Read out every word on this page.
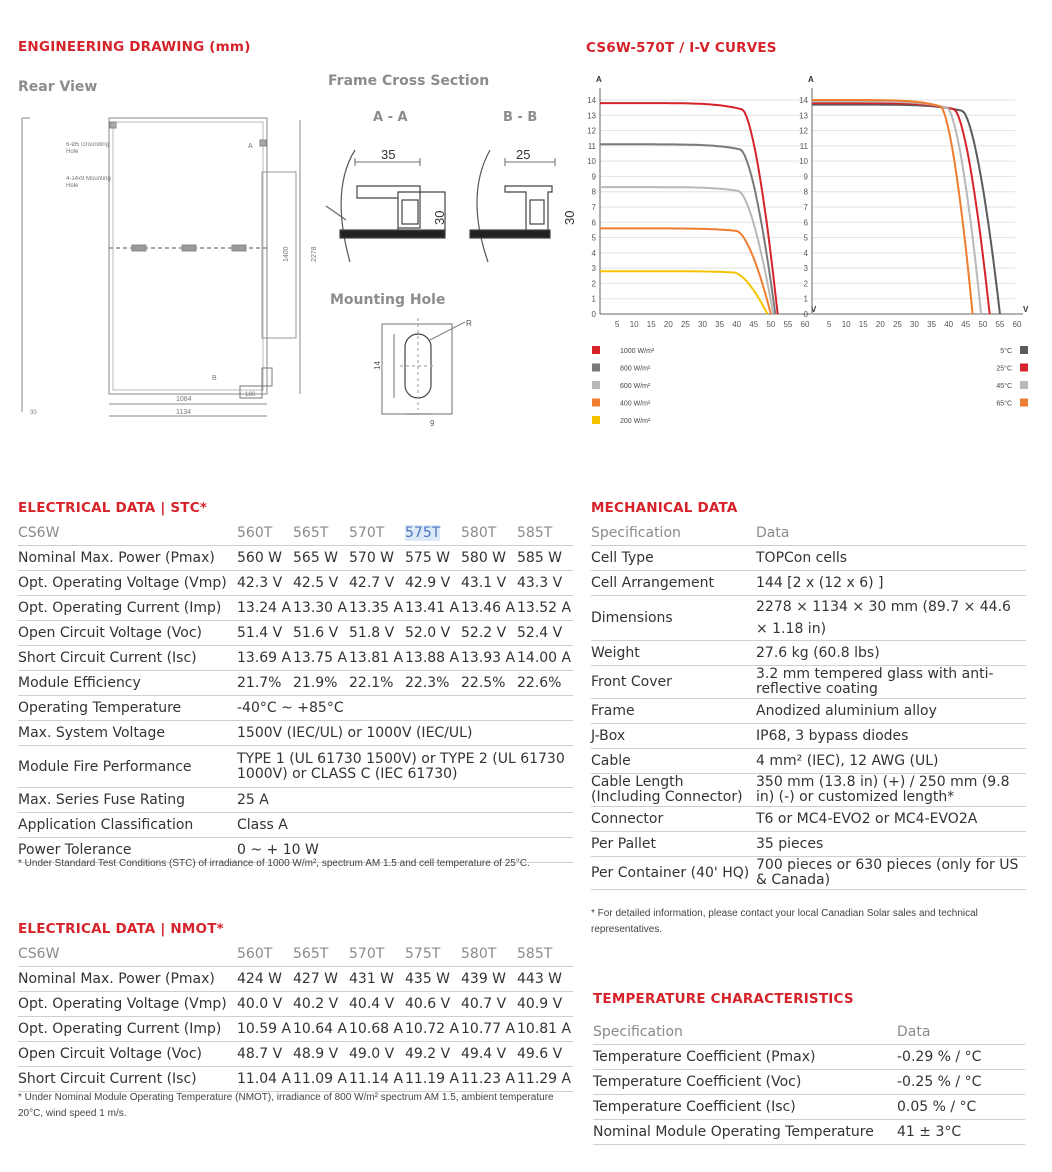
ENGINEERING DRAWING (mm)
Rear View	Frame Cross Section
A - A	B - B
Mounting Hole
1400	2278
1084
1134
180
30
B
A
6-Ø5 Grounding Hole
4-14x9 Mounting Hole
35
30
25
30
14
9
R
CS6W-570T / I-V CURVES
0
1
2
3
4
5
6
7
8
9
10
11
12
13
14
5 10 15 20 25 30 35 40 45 50 55 60
A
V
0
1
2
3
4
5
6
7
8
9
10
11
12
13
14
5 10 15 20 25 30 35 40 45 50 55 60
A
V
1000 W/m²
800 W/m²
600 W/m²
400 W/m²
200 W/m²
5°C
25°C
45°C
65°C
ELECTRICAL DATA | STC*
CS6W	560T	565T	570T	575T	580T	585T
Nominal Max. Power (Pmax)	560 W	565 W	570 W	575 W	580 W	585 W
Opt. Operating Voltage (Vmp)	42.3 V	42.5 V	42.7 V	42.9 V	43.1 V	43.3 V
Opt. Operating Current (Imp)	13.24 A	13.30 A	13.35 A	13.41 A	13.46 A	13.52 A
Open Circuit Voltage (Voc)	51.4 V	51.6 V	51.8 V	52.0 V	52.2 V	52.4 V
Short Circuit Current (Isc)	13.69 A	13.75 A	13.81 A	13.88 A	13.93 A	14.00 A
Module Efficiency	21.7%	21.9%	22.1%	22.3%	22.5%	22.6%
Operating Temperature	-40°C ~ +85°C					
Max. System Voltage	1500V (IEC/UL) or 1000V (IEC/UL)					
Module Fire Performance	TYPE 1 (UL 61730 1500V) or TYPE 2 (UL 61730 1000V) or CLASS C (IEC 61730)					
Max. Series Fuse Rating	25 A					
Application Classification	Class A					
Power Tolerance	0 ~ + 10 W					
* Under Standard Test Conditions (STC) of irradiance of 1000 W/m², spectrum AM 1.5 and cell temperature of 25°C.
ELECTRICAL DATA | NMOT*
CS6W	560T	565T	570T	575T	580T	585T
Nominal Max. Power (Pmax)	424 W	427 W	431 W	435 W	439 W	443 W
Opt. Operating Voltage (Vmp)	40.0 V	40.2 V	40.4 V	40.6 V	40.7 V	40.9 V
Opt. Operating Current (Imp)	10.59 A	10.64 A	10.68 A	10.72 A	10.77 A	10.81 A
Open Circuit Voltage (Voc)	48.7 V	48.9 V	49.0 V	49.2 V	49.4 V	49.6 V
Short Circuit Current (Isc)	11.04 A	11.09 A	11.14 A	11.19 A	11.23 A	11.29 A
* Under Nominal Module Operating Temperature (NMOT), irradiance of 800 W/m² spectrum AM 1.5, ambient temperature 20°C, wind speed 1 m/s.
MECHANICAL DATA
Specification	Data
Cell Type	TOPCon cells
Cell Arrangement	144 [2 x (12 x 6) ]
Dimensions	2278 × 1134 × 30 mm (89.7 × 44.6 × 1.18 in)
Weight	27.6 kg (60.8 lbs)
Front Cover	3.2 mm tempered glass with anti-reflective coating
Frame	Anodized aluminium alloy
J-Box	IP68, 3 bypass diodes
Cable	4 mm² (IEC), 12 AWG (UL)
Cable Length (Including Connector)	350 mm (13.8 in) (+) / 250 mm (9.8 in) (-) or customized length*
Connector	T6 or MC4-EVO2 or MC4-EVO2A
Per Pallet	35 pieces
Per Container (40' HQ)	700 pieces or 630 pieces (only for US & Canada)
* For detailed information, please contact your local Canadian Solar sales and technical representatives.
TEMPERATURE CHARACTERISTICS
Specification	Data
Temperature Coefficient (Pmax)	-0.29 % / °C
Temperature Coefficient (Voc)	-0.25 % / °C
Temperature Coefficient (Isc)	0.05 % / °C
Nominal Module Operating Temperature	41 ± 3°C
